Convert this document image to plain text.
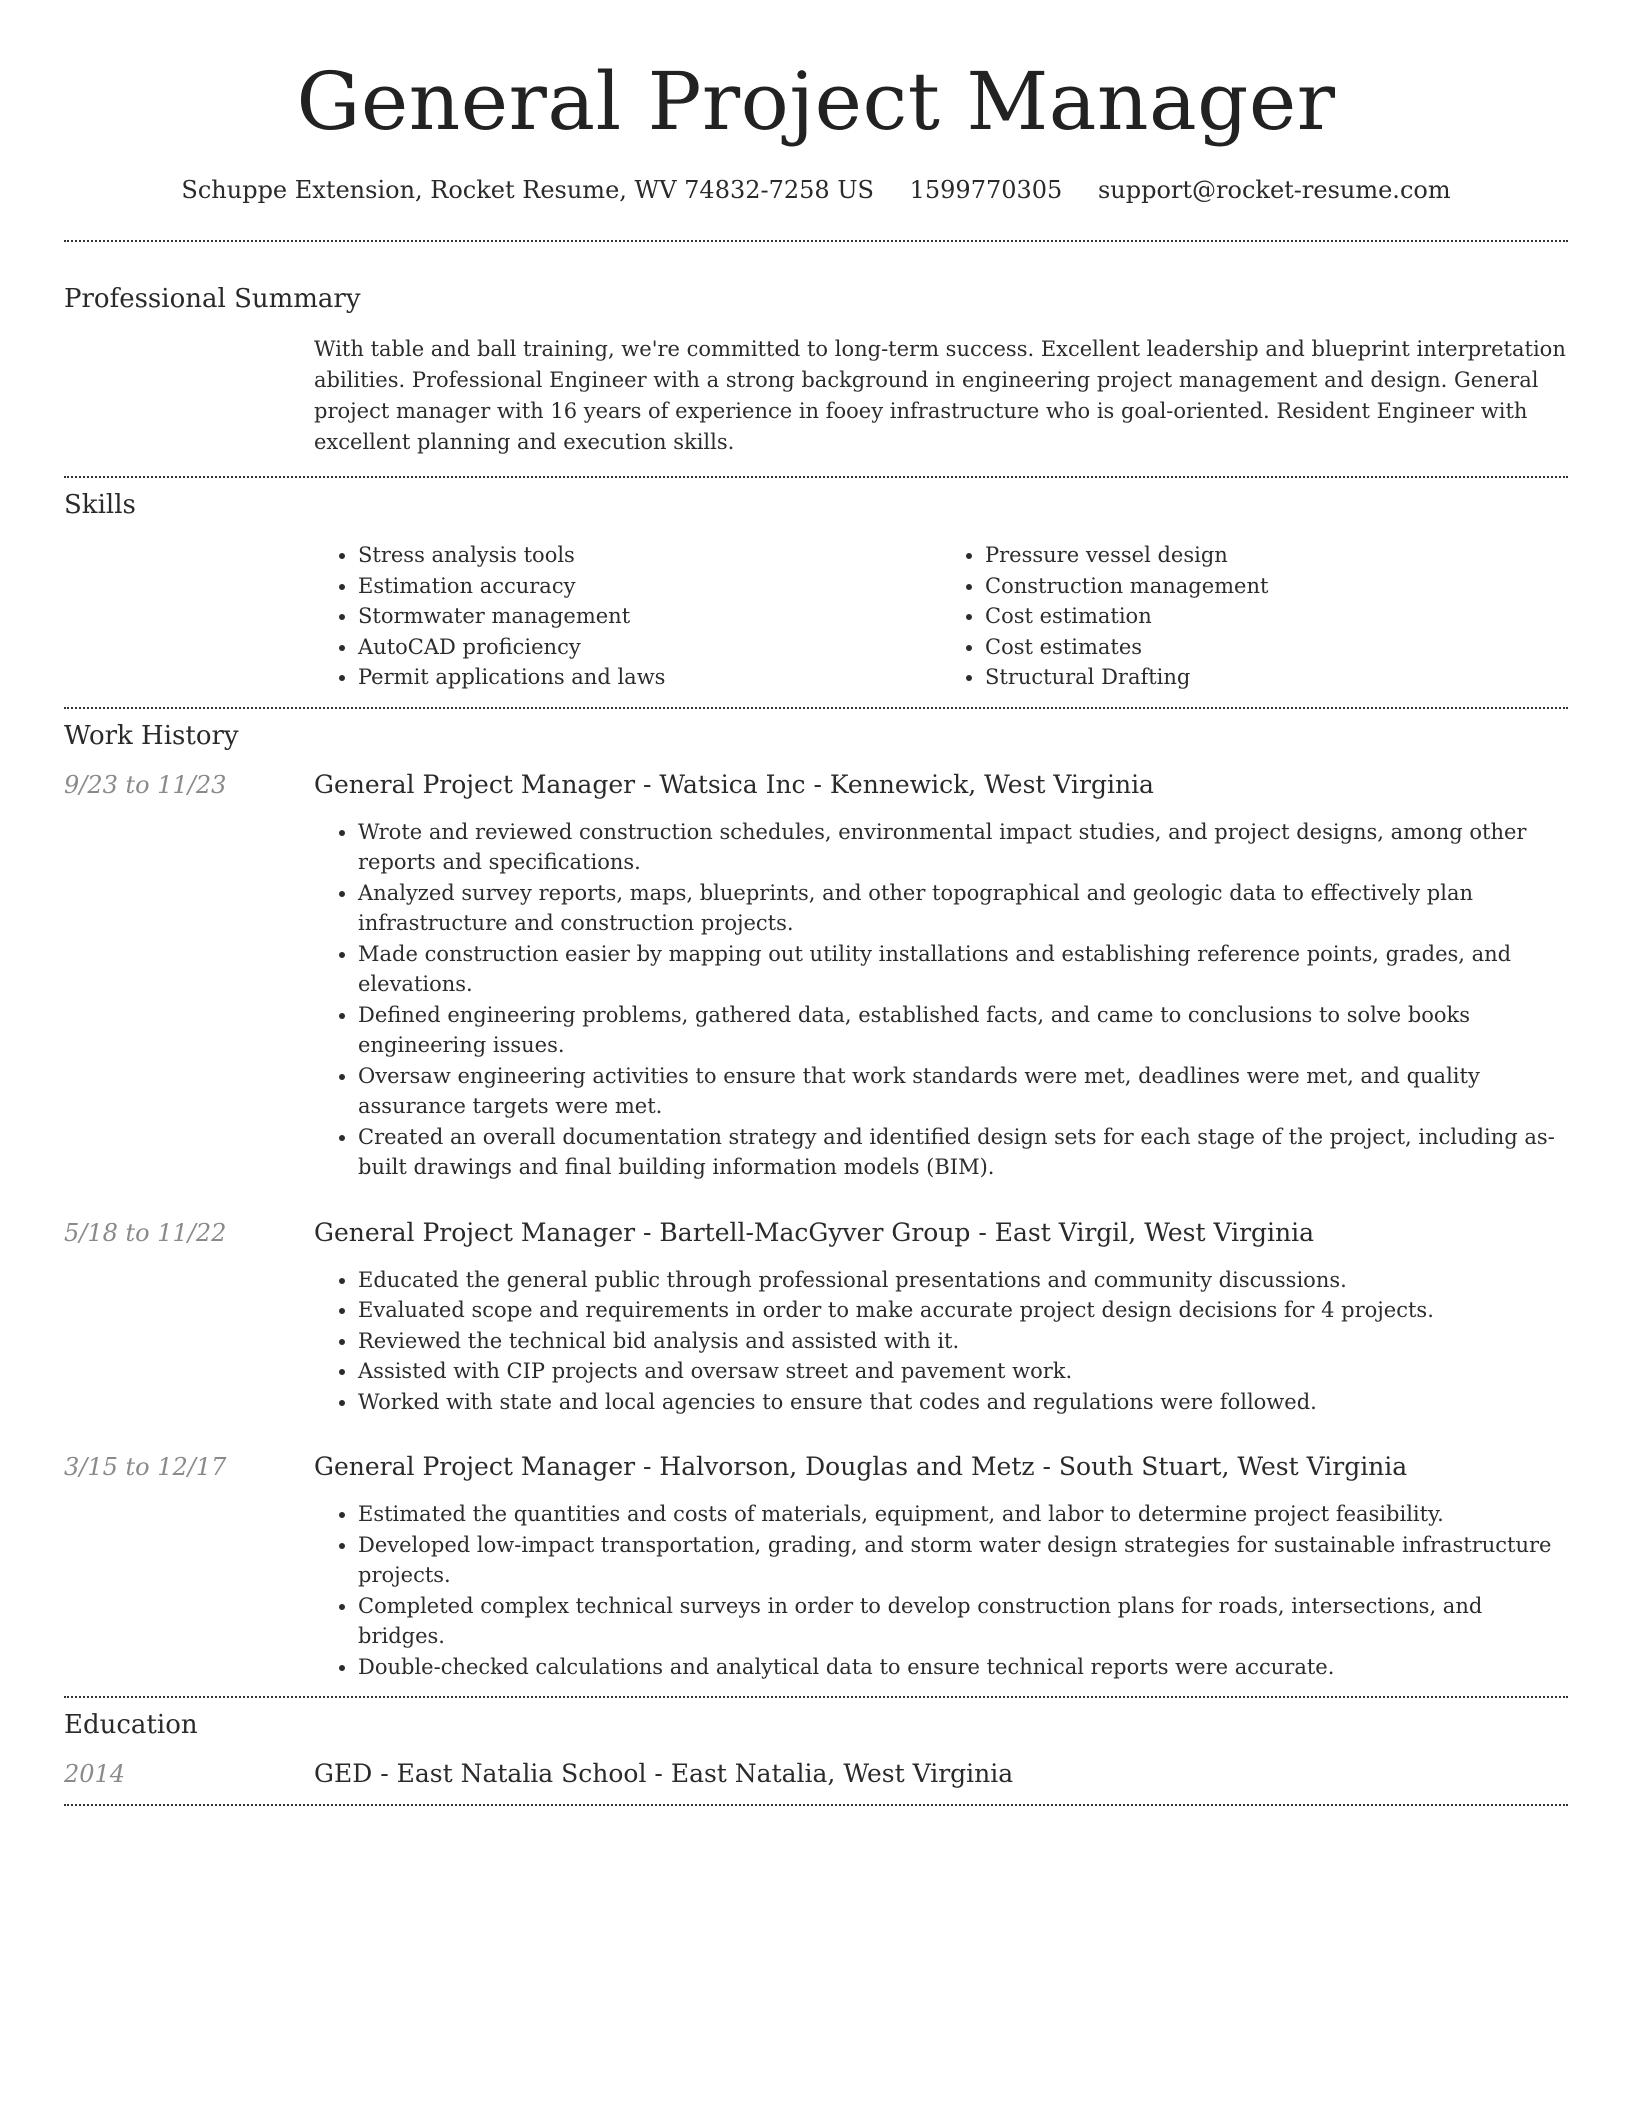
General Project Manager
Schuppe Extension, Rocket Resume, WV 74832-7258 US 1599770305 support@rocket-resume.com
Professional Summary

With table and ball training, we're committed to long-term success. Excellent leadership and blueprint interpretation abilities. Professional Engineer with a strong background in engineering project management and design. General project manager with 16 years of experience in fooey infrastructure who is goal-oriented. Resident Engineer with excellent planning and execution skills.

Skills
• Stress analysis tools
• Estimation accuracy
• Stormwater management
• AutoCAD proficiency
• Permit applications and laws
• Pressure vessel design
• Construction management
• Cost estimation
• Cost estimates
• Structural Drafting
Work History
9/23 to 11/23	General Project Manager - Watsica Inc - Kennewick, West Virginia
• Wrote and reviewed construction schedules, environmental impact studies, and project designs, among other reports and specifications.
• Analyzed survey reports, maps, blueprints, and other topographical and geologic data to effectively plan infrastructure and construction projects.
• Made construction easier by mapping out utility installations and establishing reference points, grades, and elevations.
• Defined engineering problems, gathered data, established facts, and came to conclusions to solve books engineering issues.
• Oversaw engineering activities to ensure that work standards were met, deadlines were met, and quality assurance targets were met.
• Created an overall documentation strategy and identified design sets for each stage of the project, including as-built drawings and final building information models (BIM).
5/18 to 11/22	General Project Manager - Bartell-MacGyver Group - East Virgil, West Virginia
• Educated the general public through professional presentations and community discussions.
• Evaluated scope and requirements in order to make accurate project design decisions for 4 projects.
• Reviewed the technical bid analysis and assisted with it.
• Assisted with CIP projects and oversaw street and pavement work.
• Worked with state and local agencies to ensure that codes and regulations were followed.
3/15 to 12/17	General Project Manager - Halvorson, Douglas and Metz - South Stuart, West Virginia
• Estimated the quantities and costs of materials, equipment, and labor to determine project feasibility.
• Developed low-impact transportation, grading, and storm water design strategies for sustainable infrastructure projects.
• Completed complex technical surveys in order to develop construction plans for roads, intersections, and bridges.
• Double-checked calculations and analytical data to ensure technical reports were accurate.
Education
2014	GED - East Natalia School - East Natalia, West Virginia
